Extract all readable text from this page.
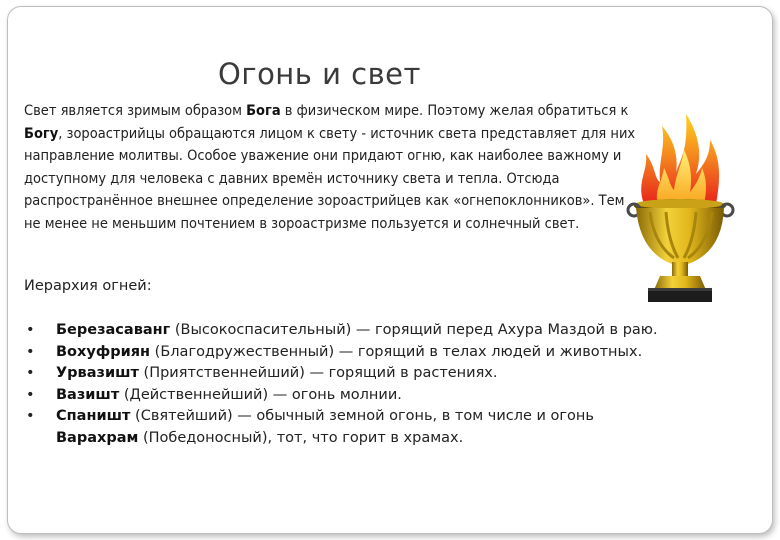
Огонь и свет

Свет является зримым образом Бога в физическом мире. Поэтому желая обратиться к Богу, зороастрийцы обращаются лицом к свету - источник света представляет для них направление молитвы. Особое уважение они придают огню, как наиболее важному и доступному для человека с давних времён источнику света и тепла. Отсюда распространённое внешнее определение зороастрийцев как «огнепоклонников». Тем не менее не меньшим почтением в зороастризме пользуется и солнечный свет.

Иерархия огней:
• Березасаванг (Высокоспасительный) — горящий перед Ахура Маздой в раю.
• Вохуфриян (Благодружественный) — горящий в телах людей и животных.
• Урвазишт (Приятственнейший) — горящий в растениях.
• Вазишт (Действеннейший) — огонь молнии.
• Спаништ (Святейший) — обычный земной огонь, в том числе и огонь Варахрам (Победоносный), тот, что горит в храмах.
